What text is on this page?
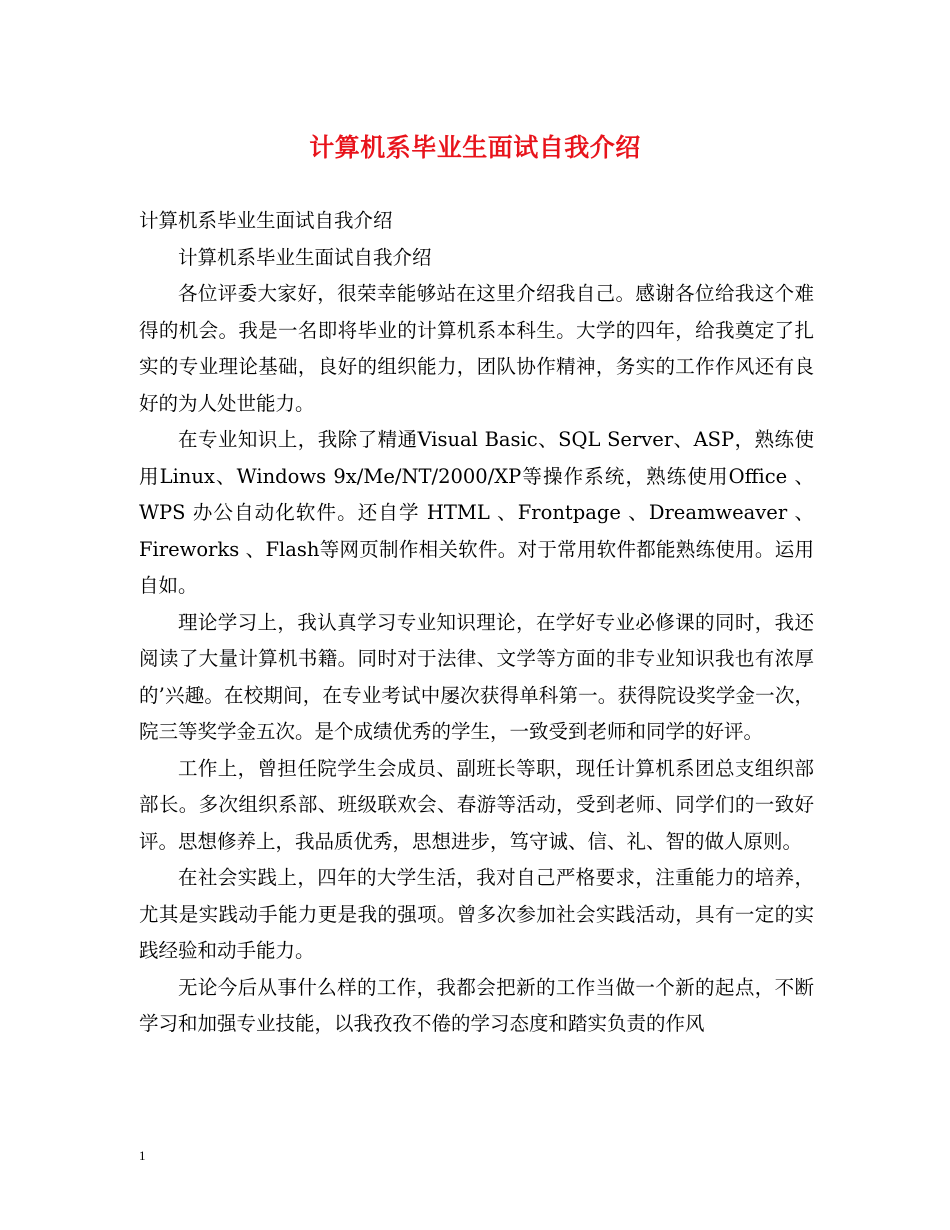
计算机系毕业生面试自我介绍

计算机系毕业生面试自我介绍

计算机系毕业生面试自我介绍

各位评委大家好，很荣幸能够站在这里介绍我自己。感谢各位给我这个难得的机会。我是一名即将毕业的计算机系本科生。大学的四年，给我奠定了扎实的专业理论基础，良好的组织能力，团队协作精神，务实的工作作风还有良好的为人处世能力。

在专业知识上，我除了精通Visual Basic、SQL Server、ASP，熟练使用Linux、Windows 9x/Me/NT/2000/XP等操作系统，熟练使用Office 、 WPS 办公自动化软件。还自学 HTML 、Frontpage 、Dreamweaver 、Fireworks 、Flash等网页制作相关软件。对于常用软件都能熟练使用。运用自如。

理论学习上，我认真学习专业知识理论，在学好专业必修课的同时，我还阅读了大量计算机书籍。同时对于法律、文学等方面的非专业知识我也有浓厚的’兴趣。在校期间，在专业考试中屡次获得单科第一。获得院设奖学金一次，院三等奖学金五次。是个成绩优秀的学生，一致受到老师和同学的好评。

工作上，曾担任院学生会成员、副班长等职，现任计算机系团总支组织部部长。多次组织系部、班级联欢会、春游等活动，受到老师、同学们的一致好评。思想修养上，我品质优秀，思想进步，笃守诚、信、礼、智的做人原则。

在社会实践上，四年的大学生活，我对自己严格要求，注重能力的培养，尤其是实践动手能力更是我的强项。曾多次参加社会实践活动，具有一定的实践经验和动手能力。

无论今后从事什么样的工作，我都会把新的工作当做一个新的起点，不断学习和加强专业技能，以我孜孜不倦的学习态度和踏实负责的作风

1
